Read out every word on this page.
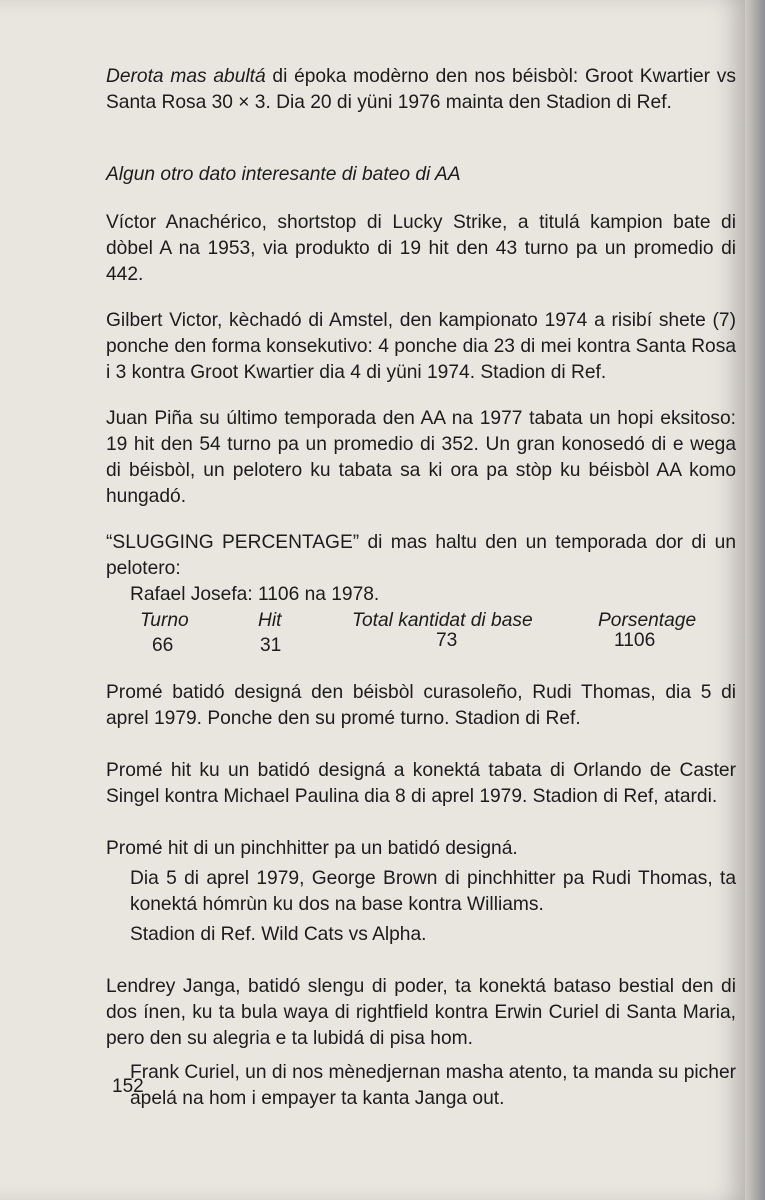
Derota mas abultá di époka modèrno den nos béisbòl: Groot Kwartier vs Santa Rosa 30 × 3. Dia 20 di yüni 1976 mainta den Stadion di Ref.

Algun otro dato interesante di bateo di AA

Víctor Anachérico, shortstop di Lucky Strike, a titulá kampion bate di dòbel A na 1953, via produkto di 19 hit den 43 turno pa un promedio di 442.

Gilbert Victor, kèchadó di Amstel, den kampionato 1974 a risibí shete (7) ponche den forma konsekutivo: 4 ponche dia 23 di mei kontra Santa Rosa i 3 kontra Groot Kwartier dia 4 di yüni 1974. Stadion di Ref.

Juan Piña su último temporada den AA na 1977 tabata un hopi eksitoso: 19 hit den 54 turno pa un promedio di 352. Un gran konosedó di e wega di béisbòl, un pelotero ku tabata sa ki ora pa stòp ku béisbòl AA komo hungadó.

“SLUGGING PERCENTAGE” di mas haltu den un temporada dor di un pelotero:

Rafael Josefa: 1106 na 1978.

Turno	Hit	Total kantidat di base	Porsentage
66	31	73	1106

Promé batidó designá den béisbòl curasoleño, Rudi Thomas, dia 5 di aprel 1979. Ponche den su promé turno. Stadion di Ref.

Promé hit ku un batidó designá a konektá tabata di Orlando de Caster Singel kontra Michael Paulina dia 8 di aprel 1979. Stadion di Ref, atardi.

Promé hit di un pinchhitter pa un batidó designá.

Dia 5 di aprel 1979, George Brown di pinchhitter pa Rudi Thomas, ta konektá hómrùn ku dos na base kontra Williams.

Stadion di Ref. Wild Cats vs Alpha.

Lendrey Janga, batidó slengu di poder, ta konektá bataso bestial den di dos ínen, ku ta bula waya di rightfield kontra Erwin Curiel di Santa Maria, pero den su alegria e ta lubidá di pisa hom.

Frank Curiel, un di nos mènedjernan masha atento, ta manda su picher apelá na hom i empayer ta kanta Janga out.

152
